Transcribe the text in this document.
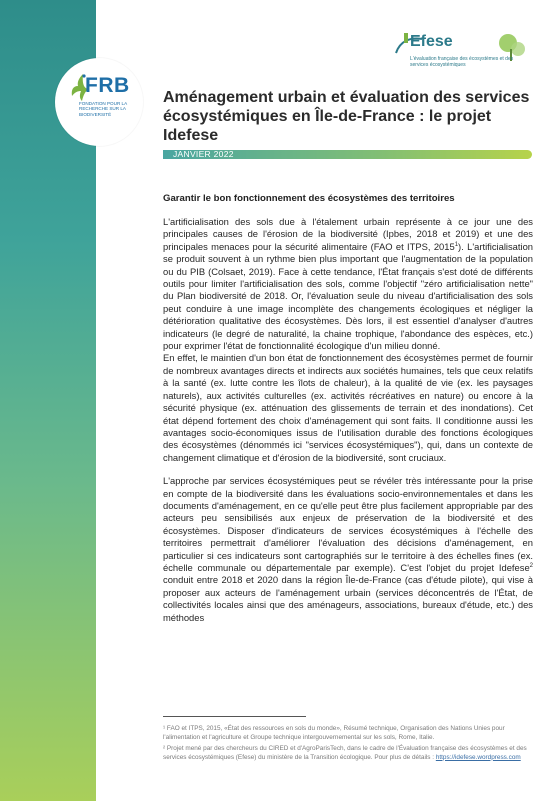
FRB
FONDATION POUR LA RECHERCHE SUR LA BIODIVERSITÉ
Efese
L'évaluation française des écosystèmes et des services écosystémiques
Aménagement urbain et évaluation des services écosystémiques en Île-de-France : le projet Idefese
JANVIER 2022
Garantir le bon fonctionnement des écosystèmes des territoires

L'artificialisation des sols due à l'étalement urbain représente à ce jour une des principales causes de l'érosion de la biodiversité (Ipbes, 2018 et 2019) et une des principales menaces pour la sécurité alimentaire (FAO et ITPS, 2015$^1$). L'artificialisation se produit souvent à un rythme bien plus important que l'augmentation de la population ou du PIB (Colsaet, 2019). Face à cette tendance, l'État français s'est doté de différents outils pour limiter l'artificialisation des sols, comme l'objectif "zéro artificialisation nette" du Plan biodiversité de 2018. Or, l'évaluation seule du niveau d'artificialisation des sols peut conduire à une image incomplète des changements écologiques et négliger la détérioration qualitative des écosystèmes. Dès lors, il est essentiel d'analyser d'autres indicateurs (le degré de naturalité, la chaine trophique, l'abondance des espèces, etc.) pour exprimer l'état de fonctionnalité écologique d'un milieu donné.

En effet, le maintien d'un bon état de fonctionnement des écosystèmes permet de fournir de nombreux avantages directs et indirects aux sociétés humaines, tels que ceux relatifs à la santé (ex. lutte contre les îlots de chaleur), à la qualité de vie (ex. les paysages naturels), aux activités culturelles (ex. activités récréatives en nature) ou encore à la sécurité physique (ex. atténuation des glissements de terrain et des inondations). Cet état dépend fortement des choix d'aménagement qui sont faits. Il conditionne aussi les avantages socio-économiques issus de l'utilisation durable des fonctions écologiques des écosystèmes (dénommés ici "services écosystémiques"), qui, dans un contexte de changement climatique et d'érosion de la biodiversité, sont cruciaux.

L'approche par services écosystémiques peut se révéler très intéressante pour la prise en compte de la biodiversité dans les évaluations socio-environnementales et dans les documents d'aménagement, en ce qu'elle peut être plus facilement appropriable par des acteurs peu sensibilisés aux enjeux de préservation de la biodiversité et des écosystèmes. Disposer d'indicateurs de services écosystémiques à l'échelle des territoires permettrait d'améliorer l'évaluation des décisions d'aménagement, en particulier si ces indicateurs sont cartographiés sur le territoire à des échelles fines (ex. échelle communale ou départementale par exemple). C'est l'objet du projet Idefese$^2$ conduit entre 2018 et 2020 dans la région Île-de-France (cas d'étude pilote), qui vise à proposer aux acteurs de l'aménagement urbain (services déconcentrés de l'État, de collectivités locales ainsi que des aménageurs, associations, bureaux d'étude, etc.) des méthodes

¹ FAO et ITPS, 2015, «État des ressources en sols du monde», Résumé technique, Organisation des Nations Unies pour l'alimentation et l'agriculture et Groupe technique intergouvernemental sur les sols, Rome, Italie.

² Projet mené par des chercheurs du CIRED et d'AgroParisTech, dans le cadre de l'Évaluation française des écosystèmes et des services écosystémiques (Efese) du ministère de la Transition écologique. Pour plus de détails : https://idefese.wordpress.com
